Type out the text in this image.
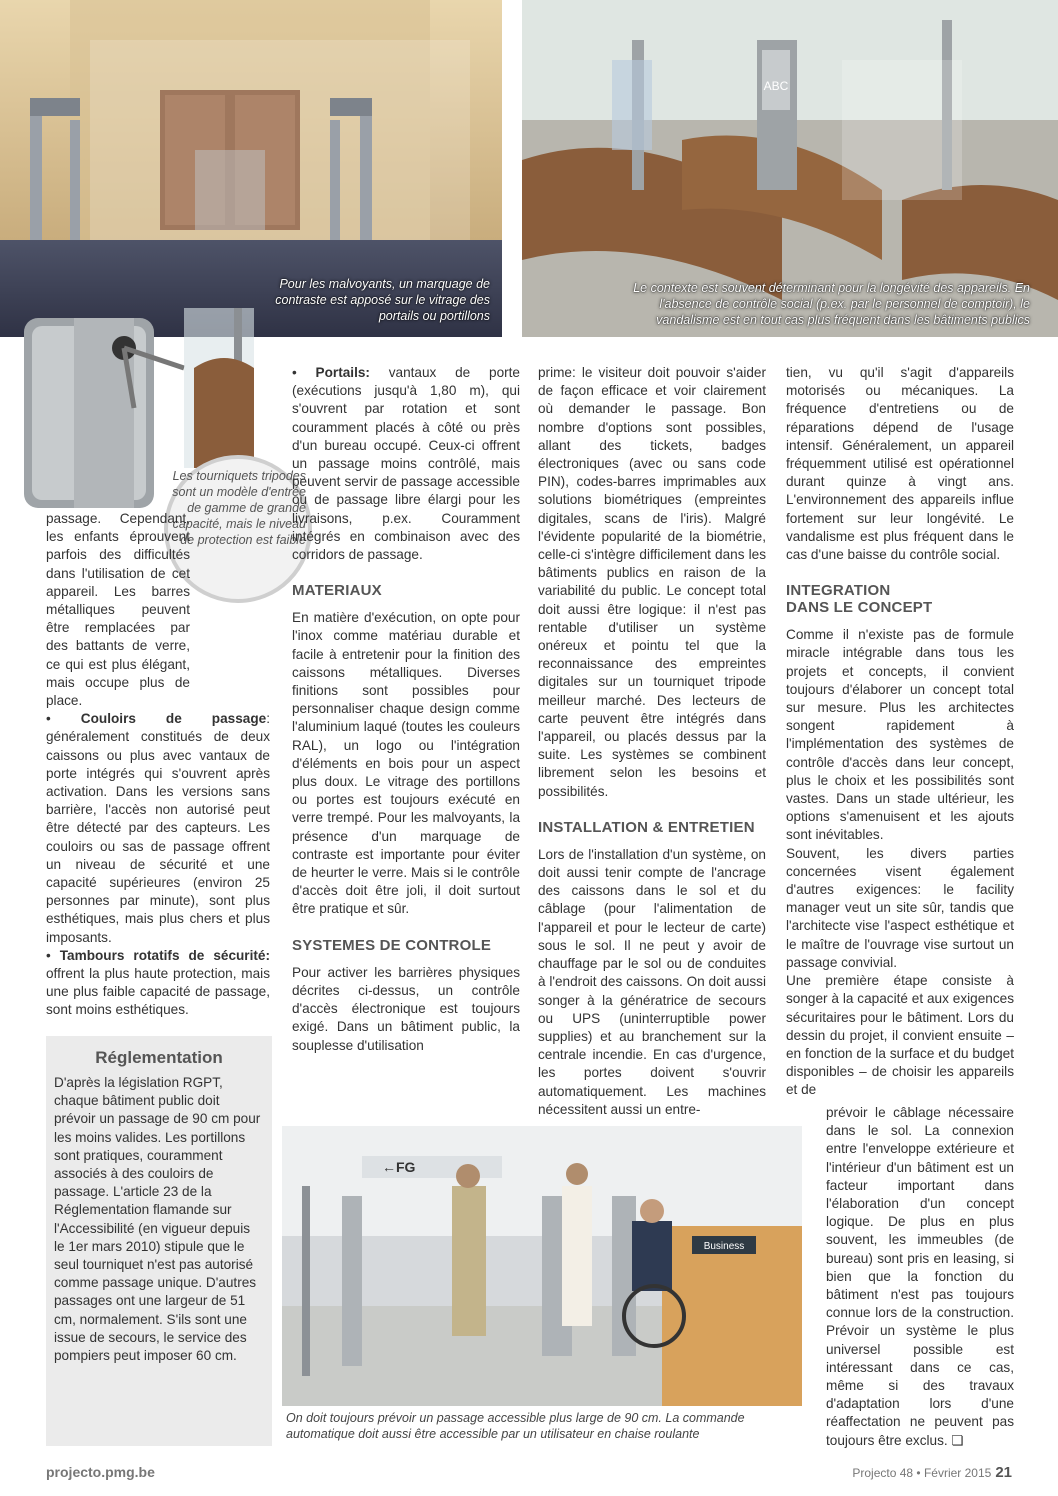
Pour les malvoyants, un marquage de contraste est apposé sur le vitrage des portails ou portillons
ABC
Le contexte est souvent déterminant pour la longévité des appareils. En l'absence de contrôle social (p.ex. par le personnel de comptoir), le vandalisme est en tout cas plus fréquent dans les bâtiments publics
Les tourniquets tripodes sont un modèle d'entrée de gamme de grande capacité, mais le niveau de protection est faible

passage. Cependant, les enfants éprouvent parfois des difficultés dans l'utilisation de cet appareil. Les barres métalliques peuvent être remplacées par des battants de verre, ce qui est plus élégant, mais occupe plus de place.

• Couloirs de passage: généralement constitués de deux caissons ou plus avec vantaux de porte intégrés qui s'ouvrent après activation. Dans les versions sans barrière, l'accès non autorisé peut être détecté par des capteurs. Les couloirs ou sas de passage offrent un niveau de sécurité et une capacité supérieures (environ 25 personnes par minute), sont plus esthétiques, mais plus chers et plus imposants.

• Tambours rotatifs de sécurité: offrent la plus haute protection, mais une plus faible capacité de passage, sont moins esthétiques.

Réglementation

D'après la législation RGPT, chaque bâtiment public doit prévoir un passage de 90 cm pour les moins valides. Les portillons sont pratiques, couramment associés à des couloirs de passage. L'article 23 de la Réglementation flamande sur l'Accessibilité (en vigueur depuis le 1er mars 2010) stipule que le seul tourniquet n'est pas autorisé comme passage unique. D'autres passages ont une largeur de 51 cm, normalement. S'ils sont une issue de secours, le service des pompiers peut imposer 60 cm.

• Portails: vantaux de porte (exécutions jusqu'à 1,80 m), qui s'ouvrent par rotation et sont couramment placés à côté ou près d'un bureau occupé. Ceux-ci offrent un passage moins contrôlé, mais peuvent servir de passage accessible ou de passage libre élargi pour les livraisons, p.ex. Couramment intégrés en combinaison avec des corridors de passage.

MATERIAUX

En matière d'exécution, on opte pour l'inox comme matériau durable et facile à entretenir pour la finition des caissons métalliques. Diverses finitions sont possibles pour personnaliser chaque design comme l'aluminium laqué (toutes les couleurs RAL), un logo ou l'intégration d'éléments en bois pour un aspect plus doux. Le vitrage des portillons ou portes est toujours exécuté en verre trempé. Pour les malvoyants, la présence d'un marquage de contraste est importante pour éviter de heurter le verre. Mais si le contrôle d'accès doit être joli, il doit surtout être pratique et sûr.

SYSTEMES DE CONTROLE

Pour activer les barrières physiques décrites ci-dessus, un contrôle d'accès électronique est toujours exigé. Dans un bâtiment public, la souplesse d'utilisation

prime: le visiteur doit pouvoir s'aider de façon efficace et voir clairement où demander le passage. Bon nombre d'options sont possibles, allant des tickets, badges électroniques (avec ou sans code PIN), codes-barres imprimables aux solutions biométriques (empreintes digitales, scans de l'iris). Malgré l'évidente popularité de la biométrie, celle-ci s'intègre difficilement dans les bâtiments publics en raison de la variabilité du public. Le concept total doit aussi être logique: il n'est pas rentable d'utiliser un système onéreux et pointu tel que la reconnaissance des empreintes digitales sur un tourniquet tripode meilleur marché. Des lecteurs de carte peuvent être intégrés dans l'appareil, ou placés dessus par la suite. Les systèmes se combinent librement selon les besoins et possibilités.

INSTALLATION & ENTRETIEN

Lors de l'installation d'un système, on doit aussi tenir compte de l'ancrage des caissons dans le sol et du câblage (pour l'alimentation de l'appareil et pour le lecteur de carte) sous le sol. Il ne peut y avoir de chauffage par le sol ou de conduites à l'endroit des caissons. On doit aussi songer à la génératrice de secours ou UPS (uninterruptible power supplies) et au branchement sur la centrale incendie. En cas d'urgence, les portes doivent s'ouvrir automatiquement. Les machines nécessitent aussi un entre-

tien, vu qu'il s'agit d'appareils motorisés ou mécaniques. La fréquence d'entretiens ou de réparations dépend de l'usage intensif. Généralement, un appareil fréquemment utilisé est opérationnel durant quinze à vingt ans. L'environnement des appareils influe fortement sur leur longévité. Le vandalisme est plus fréquent dans le cas d'une baisse du contrôle social.

INTEGRATION
DANS LE CONCEPT

Comme il n'existe pas de formule miracle intégrable dans tous les projets et concepts, il convient toujours d'élaborer un concept total sur mesure. Plus les architectes songent rapidement à l'implémentation des systèmes de contrôle d'accès dans leur concept, plus le choix et les possibilités sont vastes. Dans un stade ultérieur, les options s'amenuisent et les ajouts sont inévitables.

Souvent, les divers parties concernées visent également d'autres exigences: le facility manager veut un site sûr, tandis que l'architecte vise l'aspect esthétique et le maître de l'ouvrage vise surtout un passage convivial.

Une première étape consiste à songer à la capacité et aux exigences sécuritaires pour le bâtiment. Lors du dessin du projet, il convient ensuite – en fonction de la surface et du budget disponibles – de choisir les appareils et de

prévoir le câblage nécessaire dans le sol. La connexion entre l'enveloppe extérieure et l'intérieur d'un bâtiment est un facteur important dans l'élaboration d'un concept logique. De plus en plus souvent, les immeubles (de bureau) sont pris en leasing, si bien que la fonction du bâtiment n'est pas toujours connue lors de la construction. Prévoir un système le plus universel possible est intéressant dans ce cas, même si des travaux d'adaptation lors d'une réaffectation ne peuvent pas toujours être exclus. ❏

←FG
Business
On doit toujours prévoir un passage accessible plus large de 90 cm. La commande automatique doit aussi être accessible par un utilisateur en chaise roulante
projecto.pmg.be	Projecto 48 • Février 2015 21
